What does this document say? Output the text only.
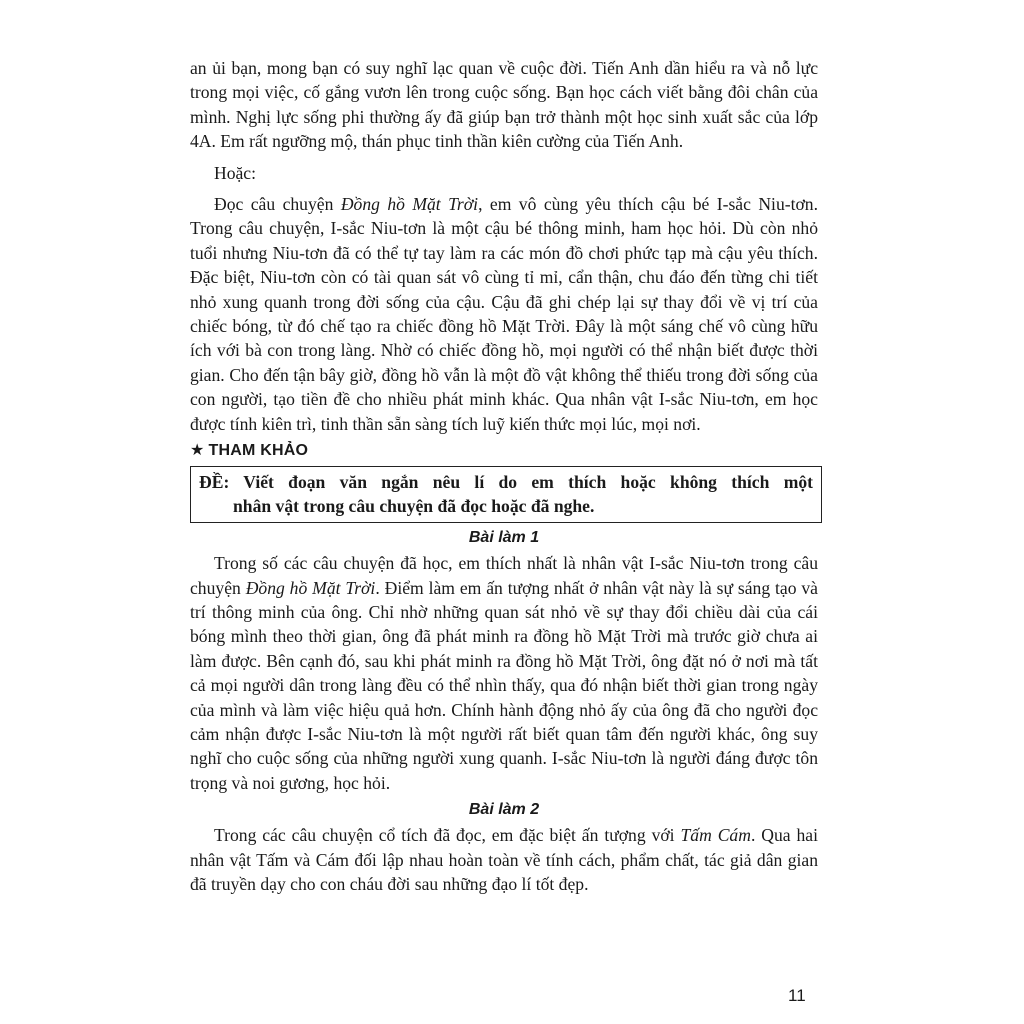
an ủi bạn, mong bạn có suy nghĩ lạc quan về cuộc đời. Tiến Anh dần hiểu ra và nỗ lực trong mọi việc, cố gắng vươn lên trong cuộc sống. Bạn học cách viết bằng đôi chân của mình. Nghị lực sống phi thường ấy đã giúp bạn trở thành một học sinh xuất sắc của lớp 4A. Em rất ngưỡng mộ, thán phục tinh thần kiên cường của Tiến Anh.

Hoặc:

Đọc câu chuyện Đồng hồ Mặt Trời, em vô cùng yêu thích cậu bé I-sắc Niu-tơn. Trong câu chuyện, I-sắc Niu-tơn là một cậu bé thông minh, ham học hỏi. Dù còn nhỏ tuổi nhưng Niu-tơn đã có thể tự tay làm ra các món đồ chơi phức tạp mà cậu yêu thích. Đặc biệt, Niu-tơn còn có tài quan sát vô cùng tỉ mỉ, cẩn thận, chu đáo đến từng chi tiết nhỏ xung quanh trong đời sống của cậu. Cậu đã ghi chép lại sự thay đổi về vị trí của chiếc bóng, từ đó chế tạo ra chiếc đồng hồ Mặt Trời. Đây là một sáng chế vô cùng hữu ích với bà con trong làng. Nhờ có chiếc đồng hồ, mọi người có thể nhận biết được thời gian. Cho đến tận bây giờ, đồng hồ vẫn là một đồ vật không thể thiếu trong đời sống của con người, tạo tiền đề cho nhiều phát minh khác. Qua nhân vật I-sắc Niu-tơn, em học được tính kiên trì, tinh thần sẵn sàng tích luỹ kiến thức mọi lúc, mọi nơi.

★ THAM KHẢO
ĐỀ: Viết đoạn văn ngắn nêu lí do em thích hoặc không thích một
nhân vật trong câu chuyện đã đọc hoặc đã nghe.
Bài làm 1

Trong số các câu chuyện đã học, em thích nhất là nhân vật I-sắc Niu-tơn trong câu chuyện Đồng hồ Mặt Trời. Điểm làm em ấn tượng nhất ở nhân vật này là sự sáng tạo và trí thông minh của ông. Chỉ nhờ những quan sát nhỏ về sự thay đổi chiều dài của cái bóng mình theo thời gian, ông đã phát minh ra đồng hồ Mặt Trời mà trước giờ chưa ai làm được. Bên cạnh đó, sau khi phát minh ra đồng hồ Mặt Trời, ông đặt nó ở nơi mà tất cả mọi người dân trong làng đều có thể nhìn thấy, qua đó nhận biết thời gian trong ngày của mình và làm việc hiệu quả hơn. Chính hành động nhỏ ấy của ông đã cho người đọc cảm nhận được I-sắc Niu-tơn là một người rất biết quan tâm đến người khác, ông suy nghĩ cho cuộc sống của những người xung quanh. I-sắc Niu-tơn là người đáng được tôn trọng và noi gương, học hỏi.

Bài làm 2

Trong các câu chuyện cổ tích đã đọc, em đặc biệt ấn tượng với Tấm Cám. Qua hai nhân vật Tấm và Cám đối lập nhau hoàn toàn về tính cách, phẩm chất, tác giả dân gian đã truyền dạy cho con cháu đời sau những đạo lí tốt đẹp.

11
